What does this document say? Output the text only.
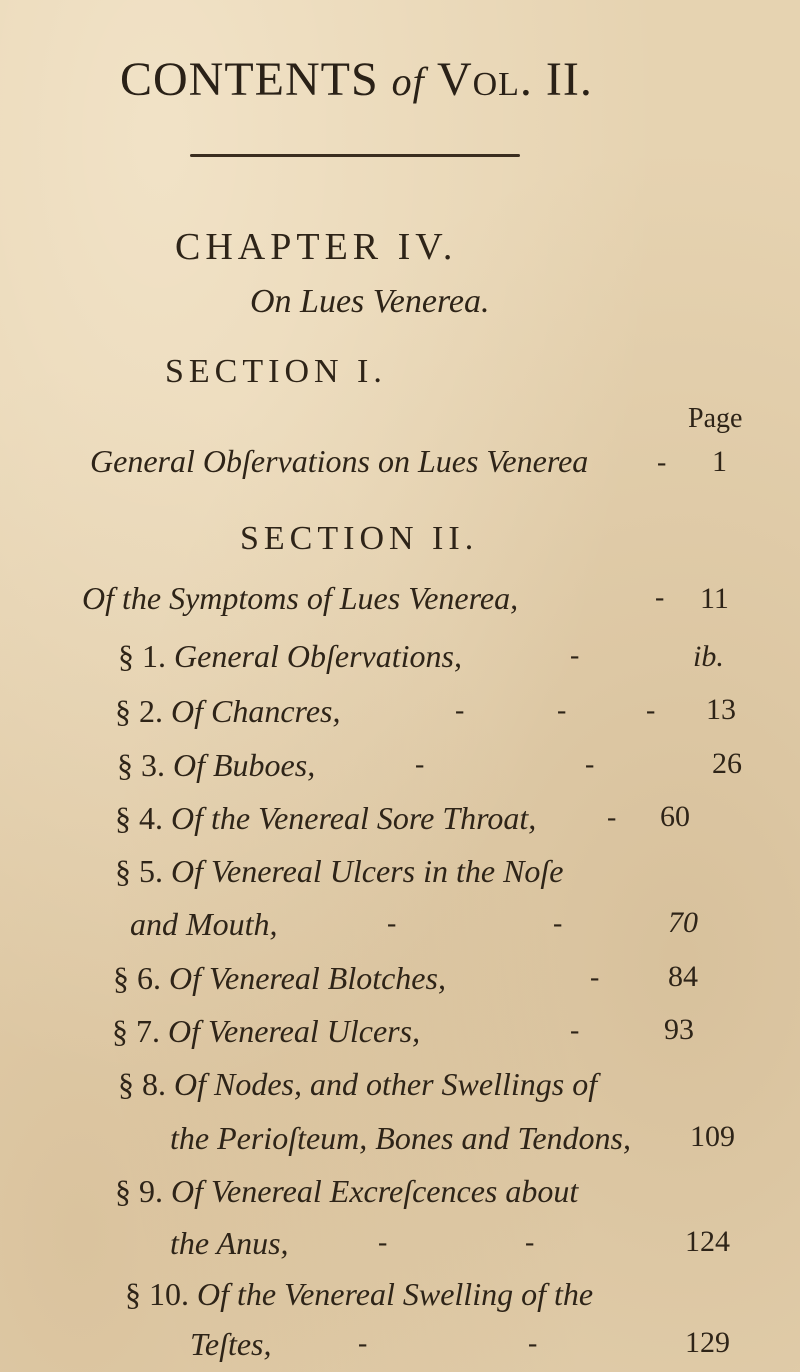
CONTENTS of Vol. II.
CHAPTER IV.
On Lues Venerea.
SECTION I.
Page
General Obſervations on Lues Venerea - 1
SECTION II.
Of the Symptoms of Lues Venerea,	- 11
§ 1. General Obſervations,	-	ib.
§ 2. Of Chancres,	-	-	- 13
§ 3. Of Buboes,	-	-	26
§ 4. Of the Venereal Sore Throat,	- 60
§ 5. Of Venereal Ulcers in the Noſe
and Mouth,	-	-	70
§ 6. Of Venereal Blotches,	- 84
§ 7. Of Venereal Ulcers,	-	93
§ 8. Of Nodes, and other Swellings of
the Perioſteum, Bones and Tendons, 109
§ 9. Of Venereal Excreſcences about
the Anus,	-	-	124
§ 10. Of the Venereal Swelling of the
Teſtes,	-	-	129
